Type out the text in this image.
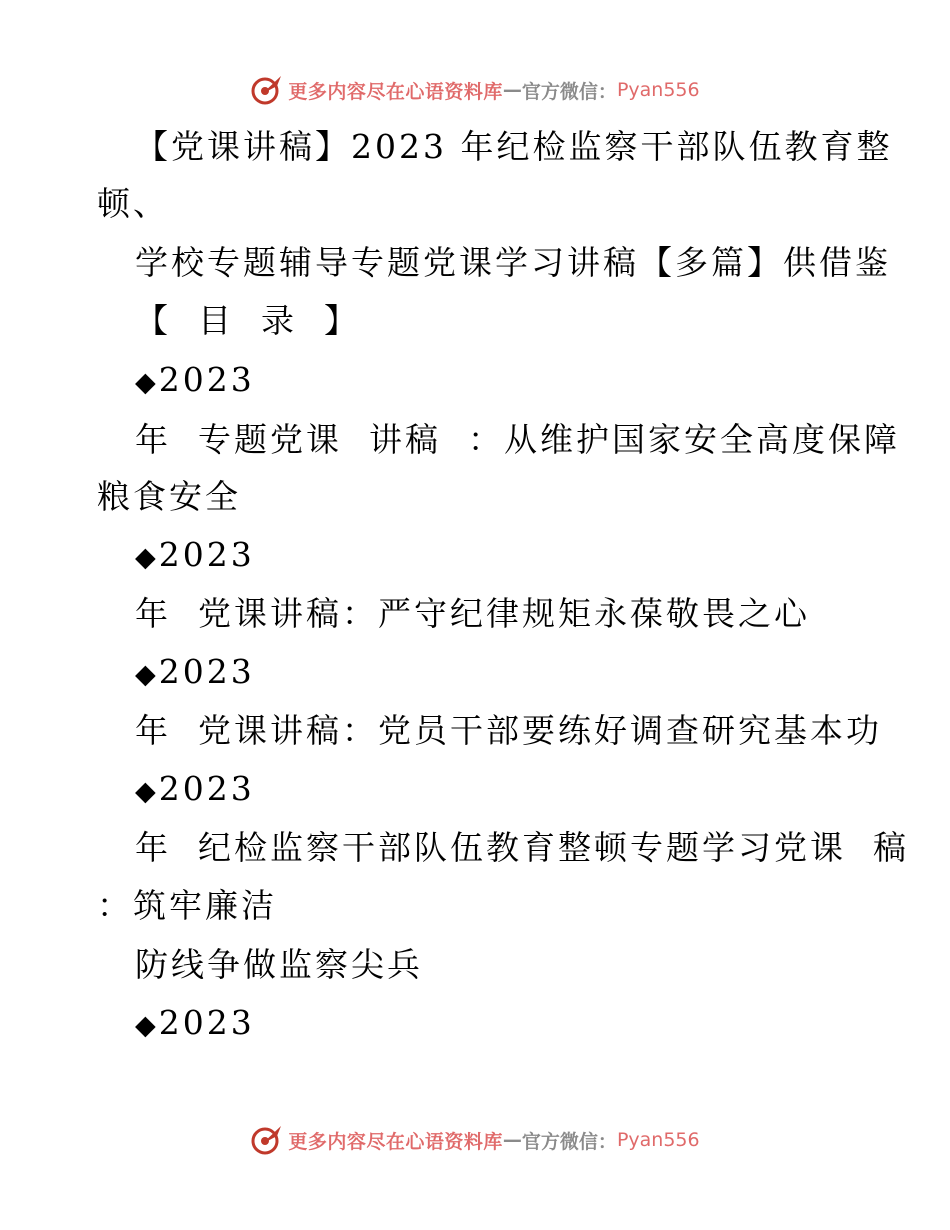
更多内容尽在心语资料库 — 官方微信： Pyan556
【党课讲稿】2023 年纪检监察干部队伍教育整
顿、
学校专题辅导专题党课学习讲稿【多篇】供借鉴
【  目  录  】
◆2023
年  专题党课  讲稿  ：从维护国家安全高度保障
粮食安全
◆2023
年  党课讲稿：严守纪律规矩永葆敬畏之心
◆2023
年  党课讲稿：党员干部要练好调查研究基本功
◆2023
年  纪检监察干部队伍教育整顿专题学习党课  稿
：筑牢廉洁
防线争做监察尖兵
◆2023
更多内容尽在心语资料库 — 官方微信： Pyan556
